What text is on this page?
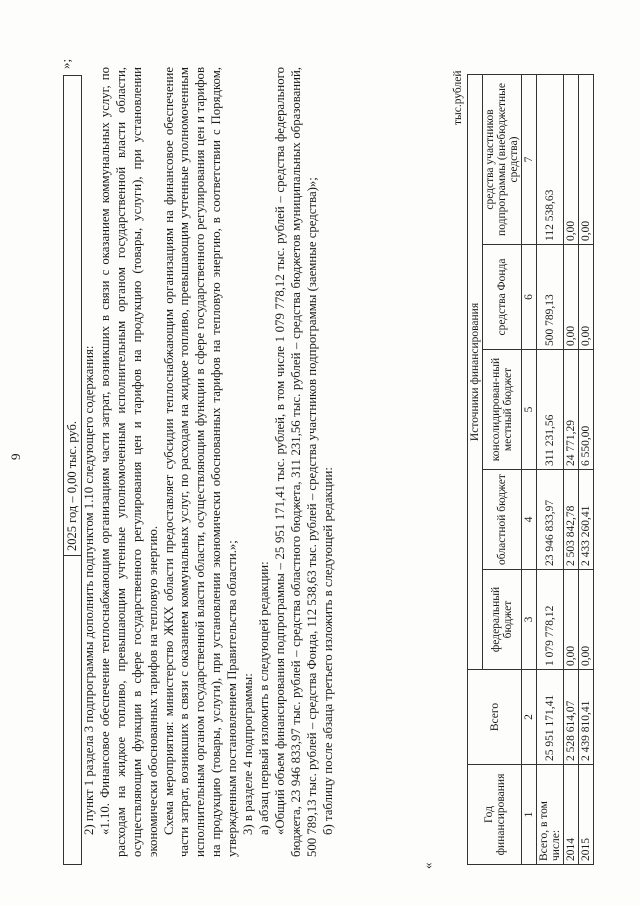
9
		2025 год – 0,00 тыс. руб.
»;

2) пункт 1 раздела 3 подпрограммы дополнить подпунктом 1.10 следующего содержания: «1.10. Финансовое обеспечение теплоснабжающим организациям части затрат, возникших в связи с оказанием коммунальных услуг, по расходам на жидкое топливо, превышающим учтенные уполномоченным исполнительным органом государственной власти области, осуществляющим функции в сфере государственного регулирования цен и тарифов на продукцию (товары, услуги), при установлении экономически обоснованных тарифов на тепловую энергию. Схема мероприятия: министерство ЖКХ области предоставляет субсидии теплоснабжающим организациям на финансовое обеспечение части затрат, возникших в связи с оказанием коммунальных услуг, по расходам на жидкое топливо, превышающим учтенные уполномоченным исполнительным органом государственной власти области, осуществляющим функции в сфере государственного регулирования цен и тарифов на продукцию (товары, услуги), при установлении экономически обоснованных тарифов на тепловую энергию, в соответствии с Порядком, утвержденным постановлением Правительства области.»; 3) в разделе 4 подпрограммы: а) абзац первый изложить в следующей редакции: «Общий объем финансирования подпрограммы – 25 951 171,41 тыс. рублей, в том числе 1 079 778,12 тыс. рублей – средства федерального бюджета, 23 946 833,97 тыс. рублей – средства областного бюджета, 311 231,56 тыс. рублей – средства бюджетов муниципальных образований, 500 789,13 тыс. рублей – средства Фонда, 112 538,63 тыс. рублей – средства участников подпрограммы (заемные средства)»; б) таблицу после абзаца третьего изложить в следующей редакции:

«
тыс.рублей
Год финансирования	Всего	Источники финансирования				
		федеральный бюджет	областной бюджет	консолидирован-ный местный бюджет	средства Фонда	средства участников подпрограммы (внебюджетные средства)
1	2	3	4	5	6	7
Всего, в том числе:	25 951 171,41	1 079 778,12	23 946 833,97	311 231,56	500 789,13	112 538,63
2014	2 528 614,07	0,00	2 503 842,78	24 771,29	0,00	0,00
2015	2 439 810,41	0,00	2 433 260,41	6 550,00	0,00	0,00
